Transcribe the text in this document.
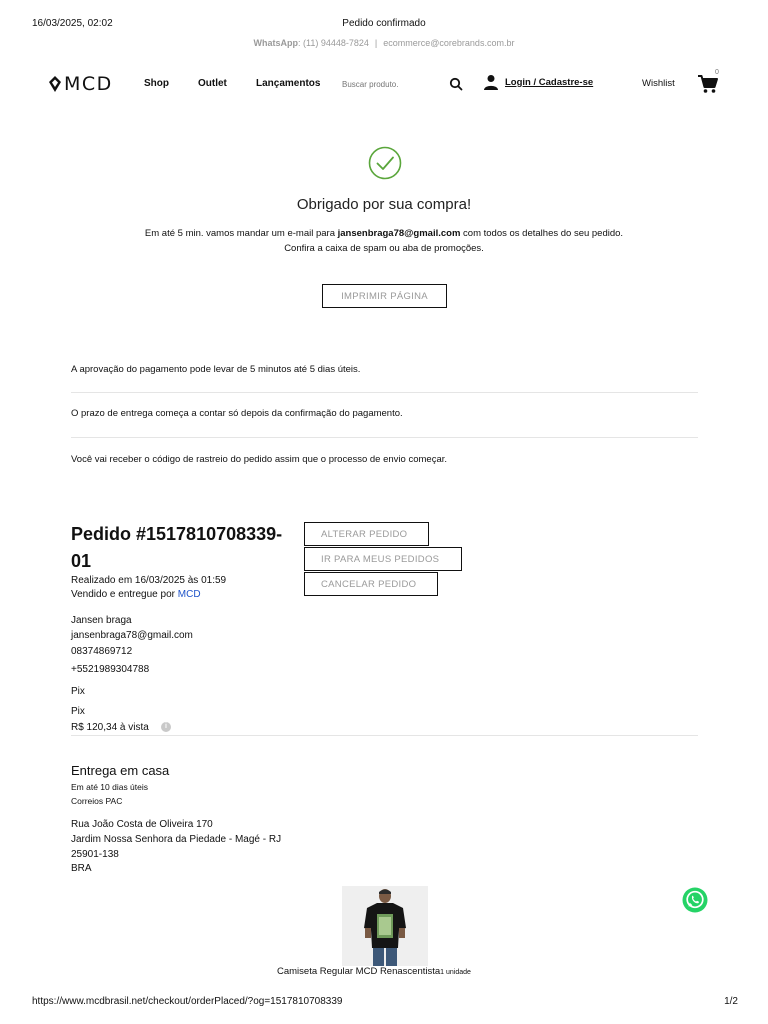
16/03/2025, 02:02	Pedido confirmado
WhatsApp: (11) 94448-7824 | ecommerce@corebrands.com.br
MCD	Shop	Outlet	Lançamentos
Buscar produto.	Login / Cadastre-se	Wishlist
0
Obrigado por sua compra!
Em até 5 min. vamos mandar um e-mail para jansenbraga78@gmail.com com todos os detalhes do seu pedido.
Confira a caixa de spam ou aba de promoções.
IMPRIMIR PÁGINA
A aprovação do pagamento pode levar de 5 minutos até 5 dias úteis.
O prazo de entrega começa a contar só depois da confirmação do pagamento.
Você vai receber o código de rastreio do pedido assim que o processo de envio começar.
Pedido #1517810708339-01
Realizado em 16/03/2025 às 01:59
Vendido e entregue por MCD
ALTERAR PEDIDO
IR PARA MEUS PEDIDOS
CANCELAR PEDIDO
Jansen braga
jansenbraga78@gmail.com
08374869712
+5521989304788
Pix
Pix
R$ 120,34 à vista	i
Entrega em casa
Em até 10 dias úteis
Correios PAC
Rua João Costa de Oliveira 170
Jardim Nossa Senhora da Piedade - Magé - RJ
25901-138
BRA
Camiseta Regular MCD Renascentista1 unidade
https://www.mcdbrasil.net/checkout/orderPlaced/?og=1517810708339	1/2
